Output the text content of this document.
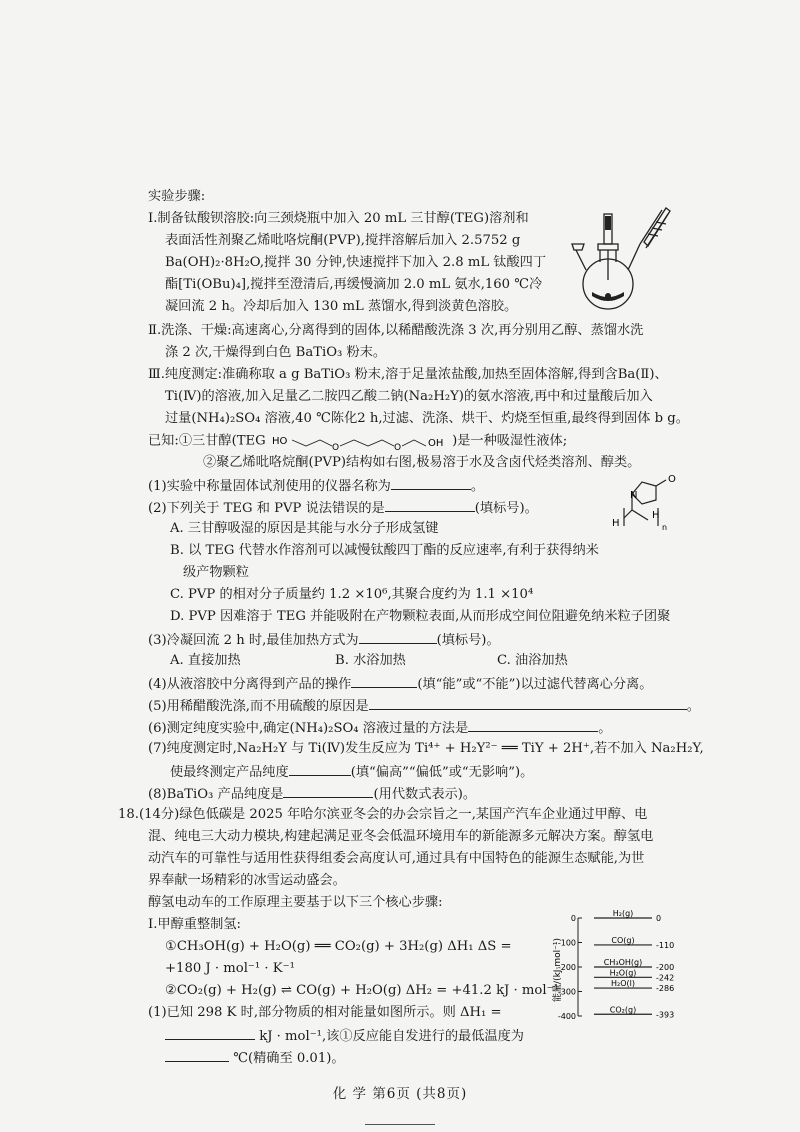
实验步骤:
Ⅰ.制备钛酸钡溶胶:向三颈烧瓶中加入 20 mL 三甘醇(TEG)溶剂和
表面活性剂聚乙烯吡咯烷酮(PVP),搅拌溶解后加入 2.5752 g
Ba(OH)₂·8H₂O,搅拌 30 分钟,快速搅拌下加入 2.8 mL 钛酸四丁
酯[Ti(OBu)₄],搅拌至澄清后,再缓慢滴加 2.0 mL 氨水,160 ℃冷
凝回流 2 h。冷却后加入 130 mL 蒸馏水,得到淡黄色溶胶。
Ⅱ.洗涤、干燥:高速离心,分离得到的固体,以稀醋酸洗涤 3 次,再分别用乙醇、蒸馏水洗
涤 2 次,干燥得到白色 BaTiO₃ 粉末。
Ⅲ.纯度测定:准确称取 a g BaTiO₃ 粉末,溶于足量浓盐酸,加热至固体溶解,得到含Ba(Ⅱ)、
Ti(Ⅳ)的溶液,加入足量乙二胺四乙酸二钠(Na₂H₂Y)的氨水溶液,再中和过量酸后加入
过量(NH₄)₂SO₄ 溶液,40 ℃陈化2 h,过滤、洗涤、烘干、灼烧至恒重,最终得到固体 b g。
已知:①三甘醇(TEG HO
O	O	OH )是一种吸湿性液体;
②聚乙烯吡咯烷酮(PVP)结构如右图,极易溶于水及含卤代烃类溶剂、醇类。
N
O
H
H
n
(1)实验中称量固体试剂使用的仪器名称为	。
(2)下列关于 TEG 和 PVP 说法错误的是	(填标号)。
A. 三甘醇吸湿的原因是其能与水分子形成氢键
B. 以 TEG 代替水作溶剂可以减慢钛酸四丁酯的反应速率,有利于获得纳米
级产物颗粒
C. PVP 的相对分子质量约 1.2 ×10⁶,其聚合度约为 1.1 ×10⁴
D. PVP 因难溶于 TEG 并能吸附在产物颗粒表面,从而形成空间位阻避免纳米粒子团聚
(3)冷凝回流 2 h 时,最佳加热方式为	(填标号)。
A. 直接加热	B. 水浴加热	C. 油浴加热
(4)从液溶胶中分离得到产品的操作	(填“能”或“不能”)以过滤代替离心分离。
(5)用稀醋酸洗涤,而不用硫酸的原因是	。
(6)测定纯度实验中,确定(NH₄)₂SO₄ 溶液过量的方法是	。
(7)纯度测定时,Na₂H₂Y 与 Ti(Ⅳ)发生反应为 Ti⁴⁺ + H₂Y²⁻ ══ TiY + 2H⁺,若不加入 Na₂H₂Y,
使最终测定产品纯度	(填“偏高”“偏低”或“无影响”)。
(8)BaTiO₃ 产品纯度是	(用代数式表示)。
18.(14分)绿色低碳是 2025 年哈尔滨亚冬会的办会宗旨之一,某国产汽车企业通过甲醇、电
混、纯电三大动力模块,构建起满足亚冬会低温环境用车的新能源多元解决方案。醇氢电
动汽车的可靠性与适用性获得组委会高度认可,通过具有中国特色的能源生态赋能,为世
界奉献一场精彩的冰雪运动盛会。
醇氢电动车的工作原理主要基于以下三个核心步骤:
Ⅰ.甲醇重整制氢:
①CH₃OH(g) + H₂O(g) ══ CO₂(g) + 3H₂(g) ΔH₁ ΔS =
+180 J · mol⁻¹ · K⁻¹
②CO₂(g) + H₂(g) ⇌ CO(g) + H₂O(g) ΔH₂ = +41.2 kJ · mol⁻¹
(1)已知 298 K 时,部分物质的相对能量如图所示。则 ΔH₁ =
kJ · mol⁻¹,该①反应能自发进行的最低温度为
能量/(kJ·mol⁻¹)
0
-100
-200
-300
-400
H₂(g)
0
CO(g)
-110
CH₃OH(g)
-200
H₂O(g)
-242
H₂O(l)
-286
CO₂(g)
-393
℃(精确至 0.01)。
化 学 第6页 (共8页)
